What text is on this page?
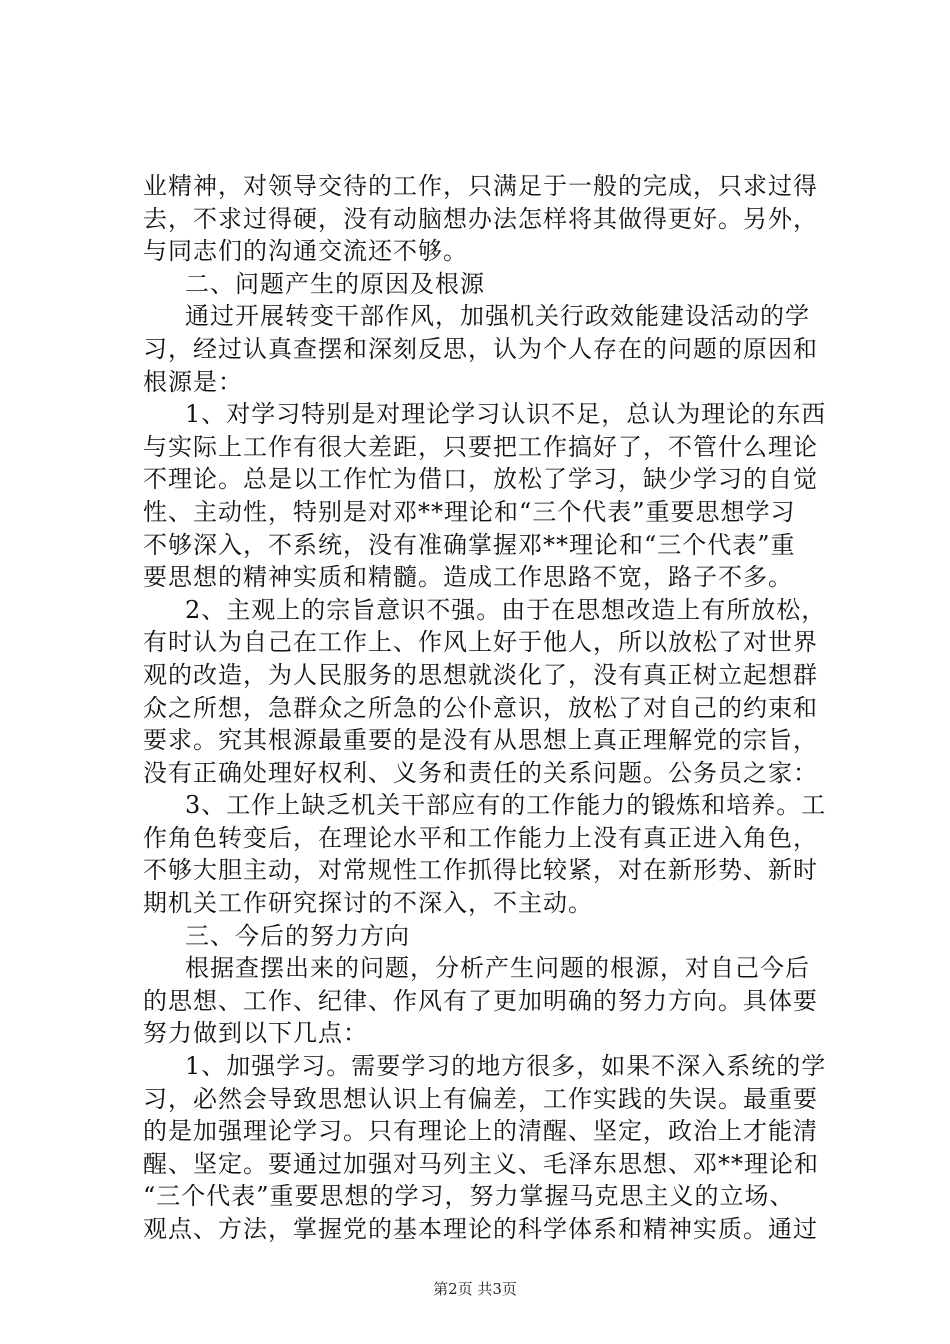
业精神，对领导交待的工作，只满足于一般的完成，只求过得
去，不求过得硬，没有动脑想办法怎样将其做得更好。另外，
与同志们的沟通交流还不够。
二、问题产生的原因及根源
通过开展转变干部作风，加强机关行政效能建设活动的学
习，经过认真查摆和深刻反思，认为个人存在的问题的原因和
根源是：
1、对学习特别是对理论学习认识不足，总认为理论的东西
与实际上工作有很大差距，只要把工作搞好了，不管什么理论
不理论。总是以工作忙为借口，放松了学习，缺少学习的自觉
性、主动性，特别是对邓**理论和“三个代表”重要思想学习
不够深入，不系统，没有准确掌握邓**理论和“三个代表”重
要思想的精神实质和精髓。造成工作思路不宽，路子不多。
2、主观上的宗旨意识不强。由于在思想改造上有所放松，
有时认为自己在工作上、作风上好于他人，所以放松了对世界
观的改造，为人民服务的思想就淡化了，没有真正树立起想群
众之所想，急群众之所急的公仆意识，放松了对自己的约束和
要求。究其根源最重要的是没有从思想上真正理解党的宗旨，
没有正确处理好权利、义务和责任的关系问题。公务员之家：
3、工作上缺乏机关干部应有的工作能力的锻炼和培养。工
作角色转变后，在理论水平和工作能力上没有真正进入角色，
不够大胆主动，对常规性工作抓得比较紧，对在新形势、新时
期机关工作研究探讨的不深入，不主动。
三、今后的努力方向
根据查摆出来的问题，分析产生问题的根源，对自己今后
的思想、工作、纪律、作风有了更加明确的努力方向。具体要
努力做到以下几点：
1、加强学习。需要学习的地方很多，如果不深入系统的学
习，必然会导致思想认识上有偏差，工作实践的失误。最重要
的是加强理论学习。只有理论上的清醒、坚定，政治上才能清
醒、坚定。要通过加强对马列主义、毛泽东思想、邓**理论和
“三个代表”重要思想的学习，努力掌握马克思主义的立场、
观点、方法，掌握党的基本理论的科学体系和精神实质。通过
第2页 共3页
